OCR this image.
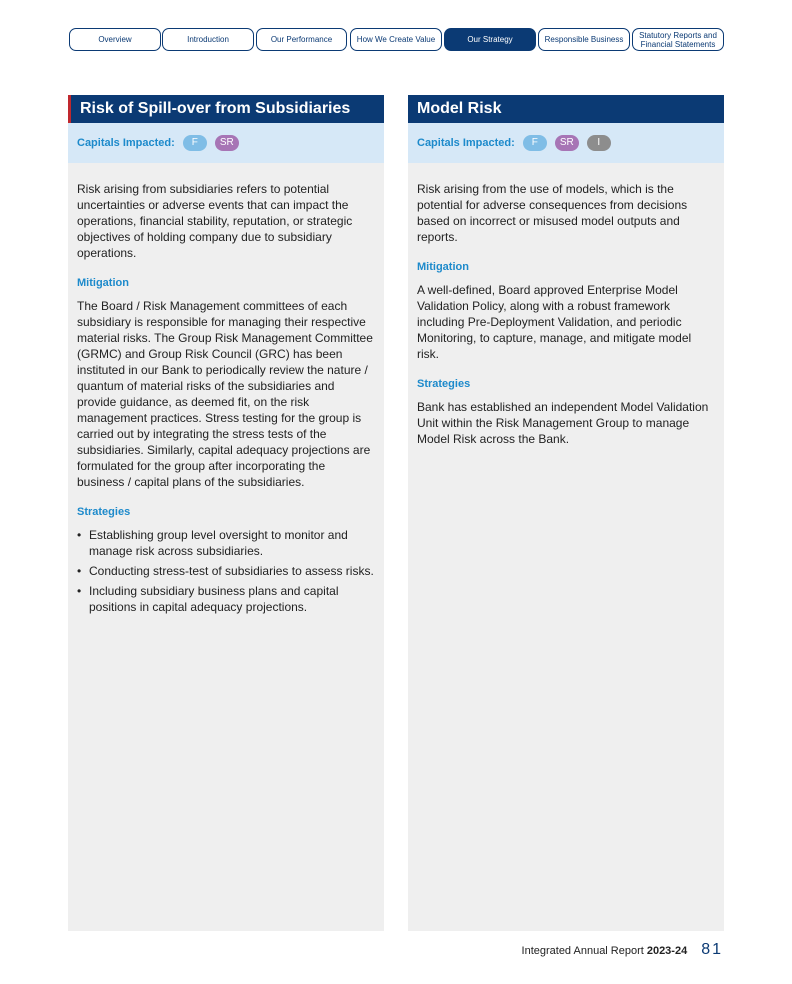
Overview	Introduction	Our Performance	How We Create Value	Our Strategy	Responsible Business	Statutory Reports and Financial Statements
Risk of Spill-over from Subsidiaries
Capitals Impacted:	F	SR

Risk arising from subsidiaries refers to potential uncertainties or adverse events that can impact the operations, financial stability, reputation, or strategic objectives of holding company due to subsidiary operations.

Mitigation

The Board / Risk Management committees of each subsidiary is responsible for managing their respective material risks. The Group Risk Management Committee (GRMC) and Group Risk Council (GRC) has been instituted in our Bank to periodically review the nature / quantum of material risks of the subsidiaries and provide guidance, as deemed fit, on the risk management practices. Stress testing for the group is carried out by integrating the stress tests of the subsidiaries. Similarly, capital adequacy projections are formulated for the group after incorporating the business / capital plans of the subsidiaries.

Strategies
• Establishing group level oversight to monitor and manage risk across subsidiaries.
• Conducting stress-test of subsidiaries to assess risks.
• Including subsidiary business plans and capital positions in capital adequacy projections.
Model Risk
Capitals Impacted:	F	SR	I

Risk arising from the use of models, which is the potential for adverse consequences from decisions based on incorrect or misused model outputs and reports.

Mitigation

A well-defined, Board approved Enterprise Model Validation Policy, along with a robust framework including Pre-Deployment Validation, and periodic Monitoring, to capture, manage, and mitigate model risk.

Strategies

Bank has established an independent Model Validation Unit within the Risk Management Group to manage Model Risk across the Bank.

Integrated Annual Report 2023-24 81
